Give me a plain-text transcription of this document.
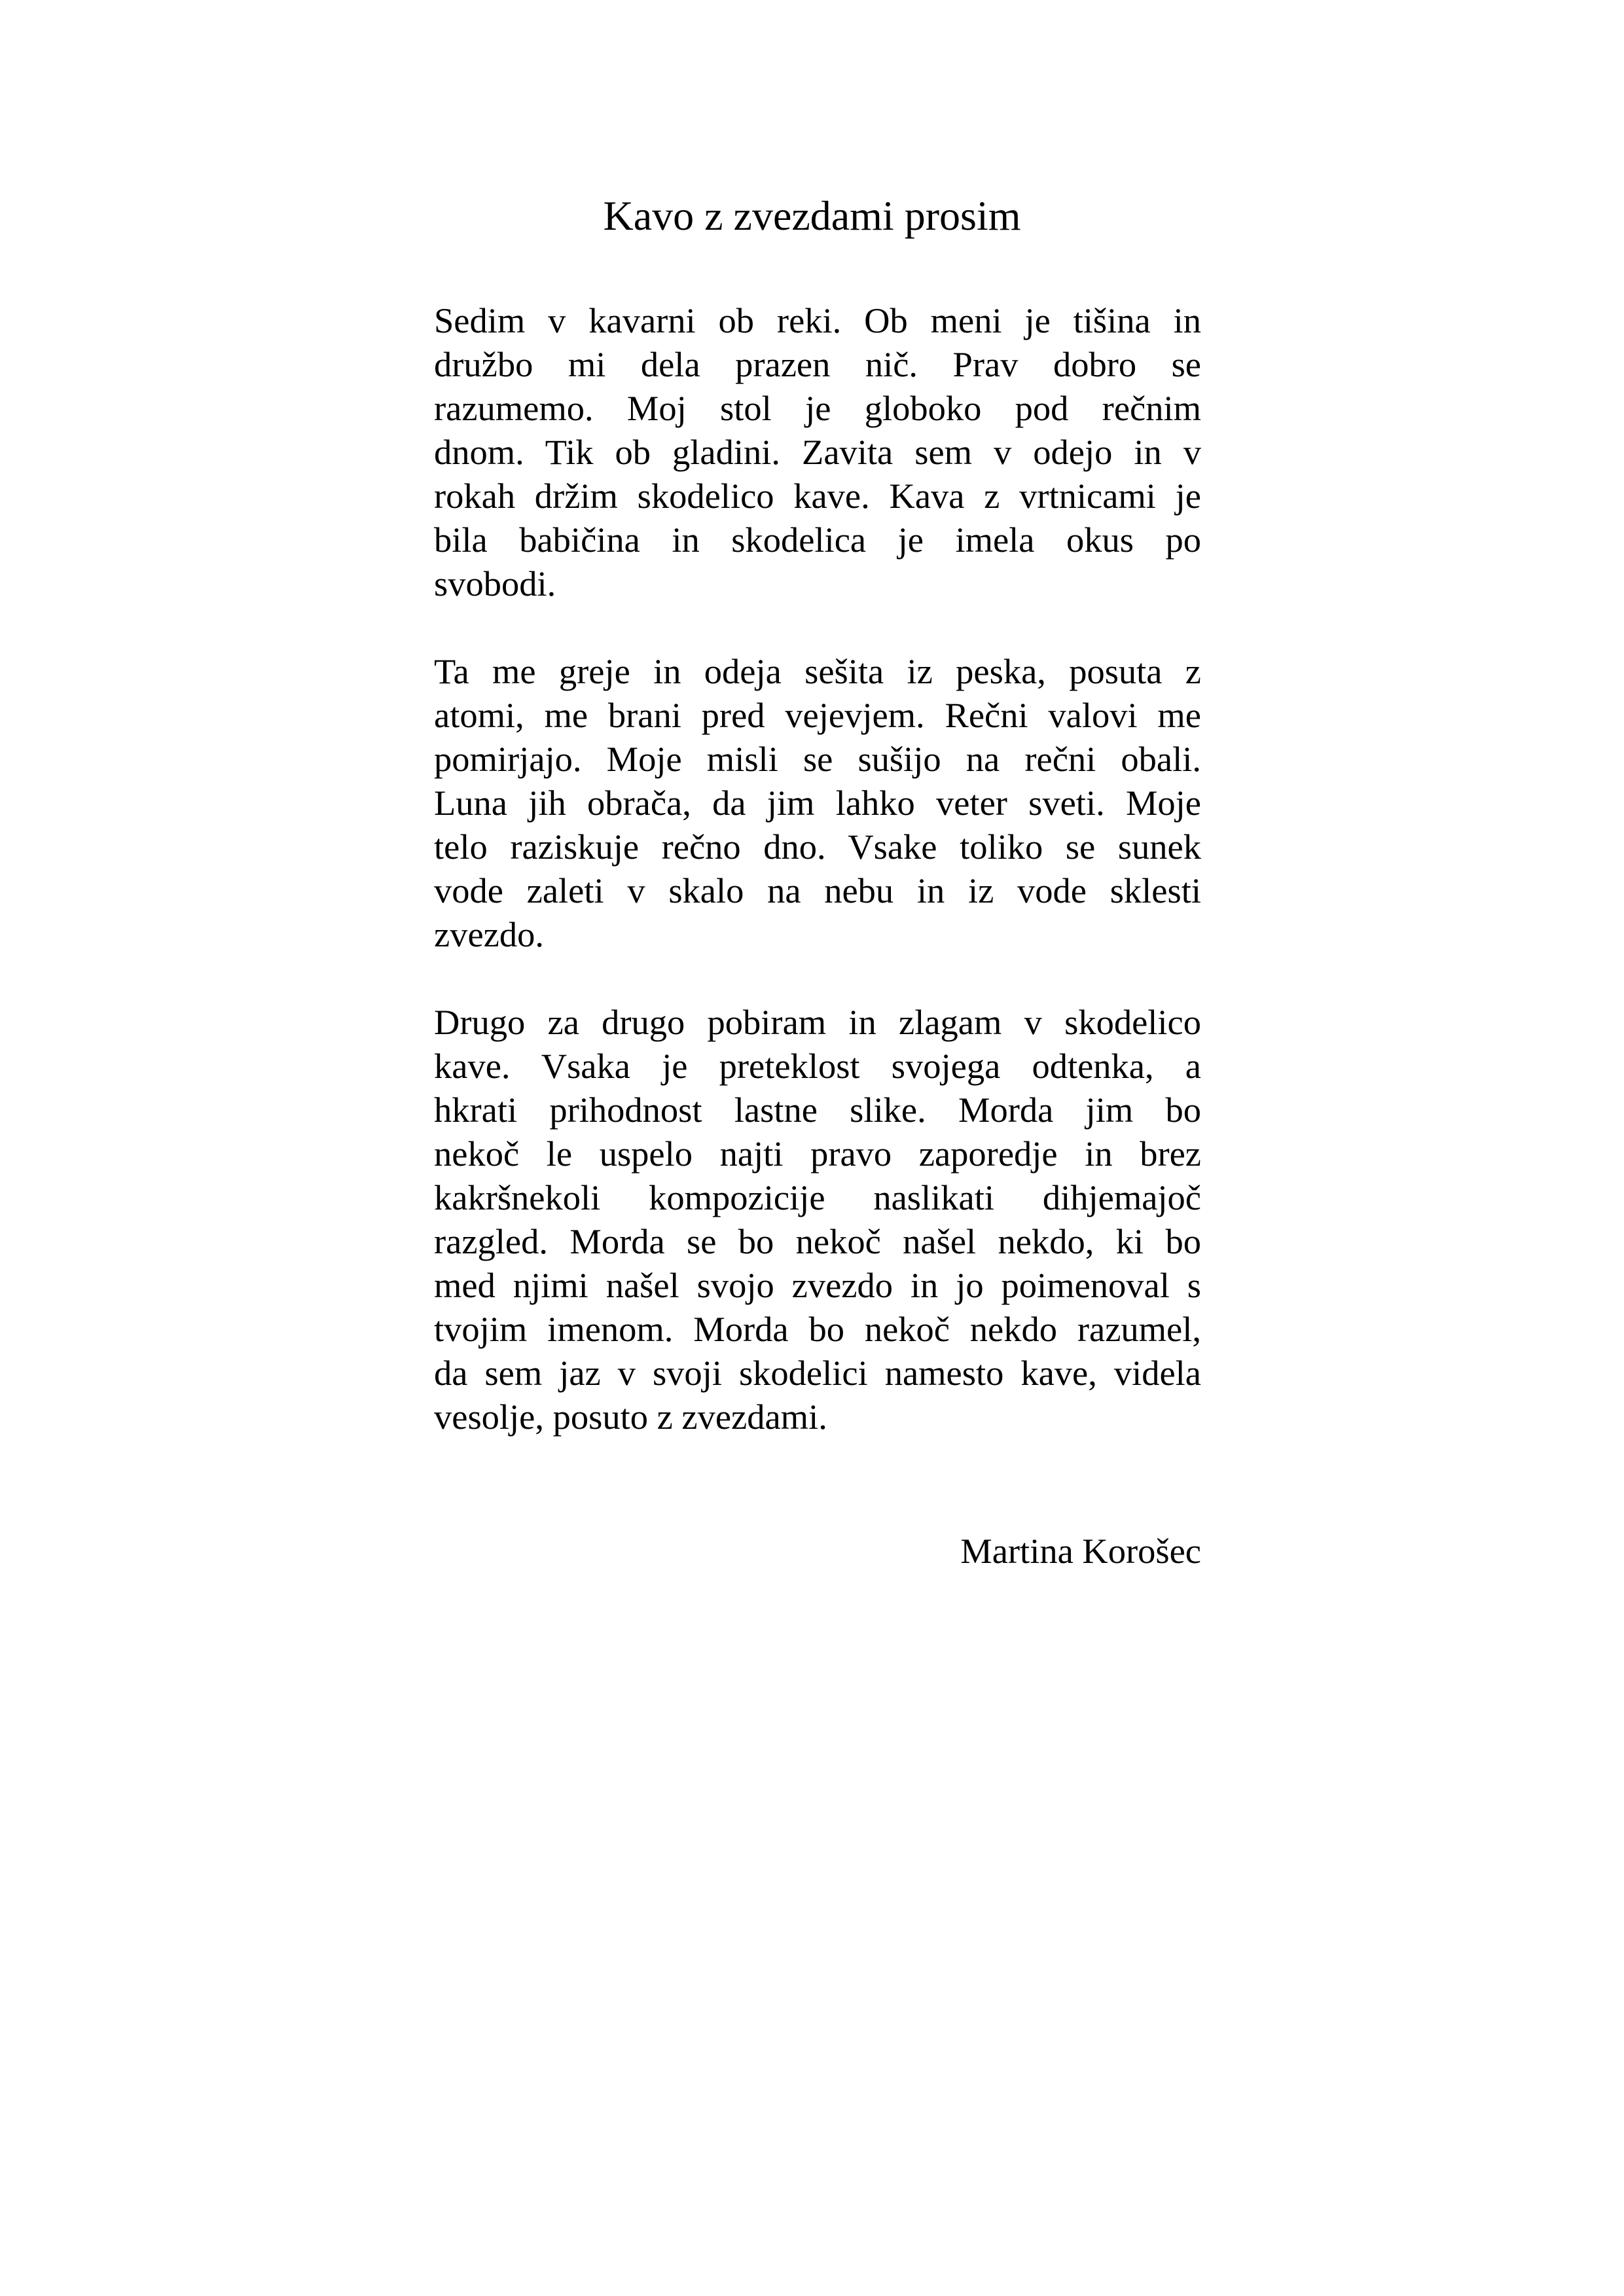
Kavo z zvezdami prosim

Sedim v kavarni ob reki. Ob meni je tišina in
družbo mi dela prazen nič. Prav dobro se
razumemo. Moj stol je globoko pod rečnim
dnom. Tik ob gladini. Zavita sem v odejo in v
rokah držim skodelico kave. Kava z vrtnicami je
bila babičina in skodelica je imela okus po
svobodi.

Ta me greje in odeja sešita iz peska, posuta z
atomi, me brani pred vejevjem. Rečni valovi me
pomirjajo. Moje misli se sušijo na rečni obali.
Luna jih obrača, da jim lahko veter sveti. Moje
telo raziskuje rečno dno. Vsake toliko se sunek
vode zaleti v skalo na nebu in iz vode sklesti
zvezdo.

Drugo za drugo pobiram in zlagam v skodelico
kave. Vsaka je preteklost svojega odtenka, a
hkrati prihodnost lastne slike. Morda jim bo
nekoč le uspelo najti pravo zaporedje in brez
kakršnekoli kompozicije naslikati dihjemajoč
razgled. Morda se bo nekoč našel nekdo, ki bo
med njimi našel svojo zvezdo in jo poimenoval s
tvojim imenom. Morda bo nekoč nekdo razumel,
da sem jaz v svoji skodelici namesto kave, videla
vesolje, posuto z zvezdami.

Martina Korošec
